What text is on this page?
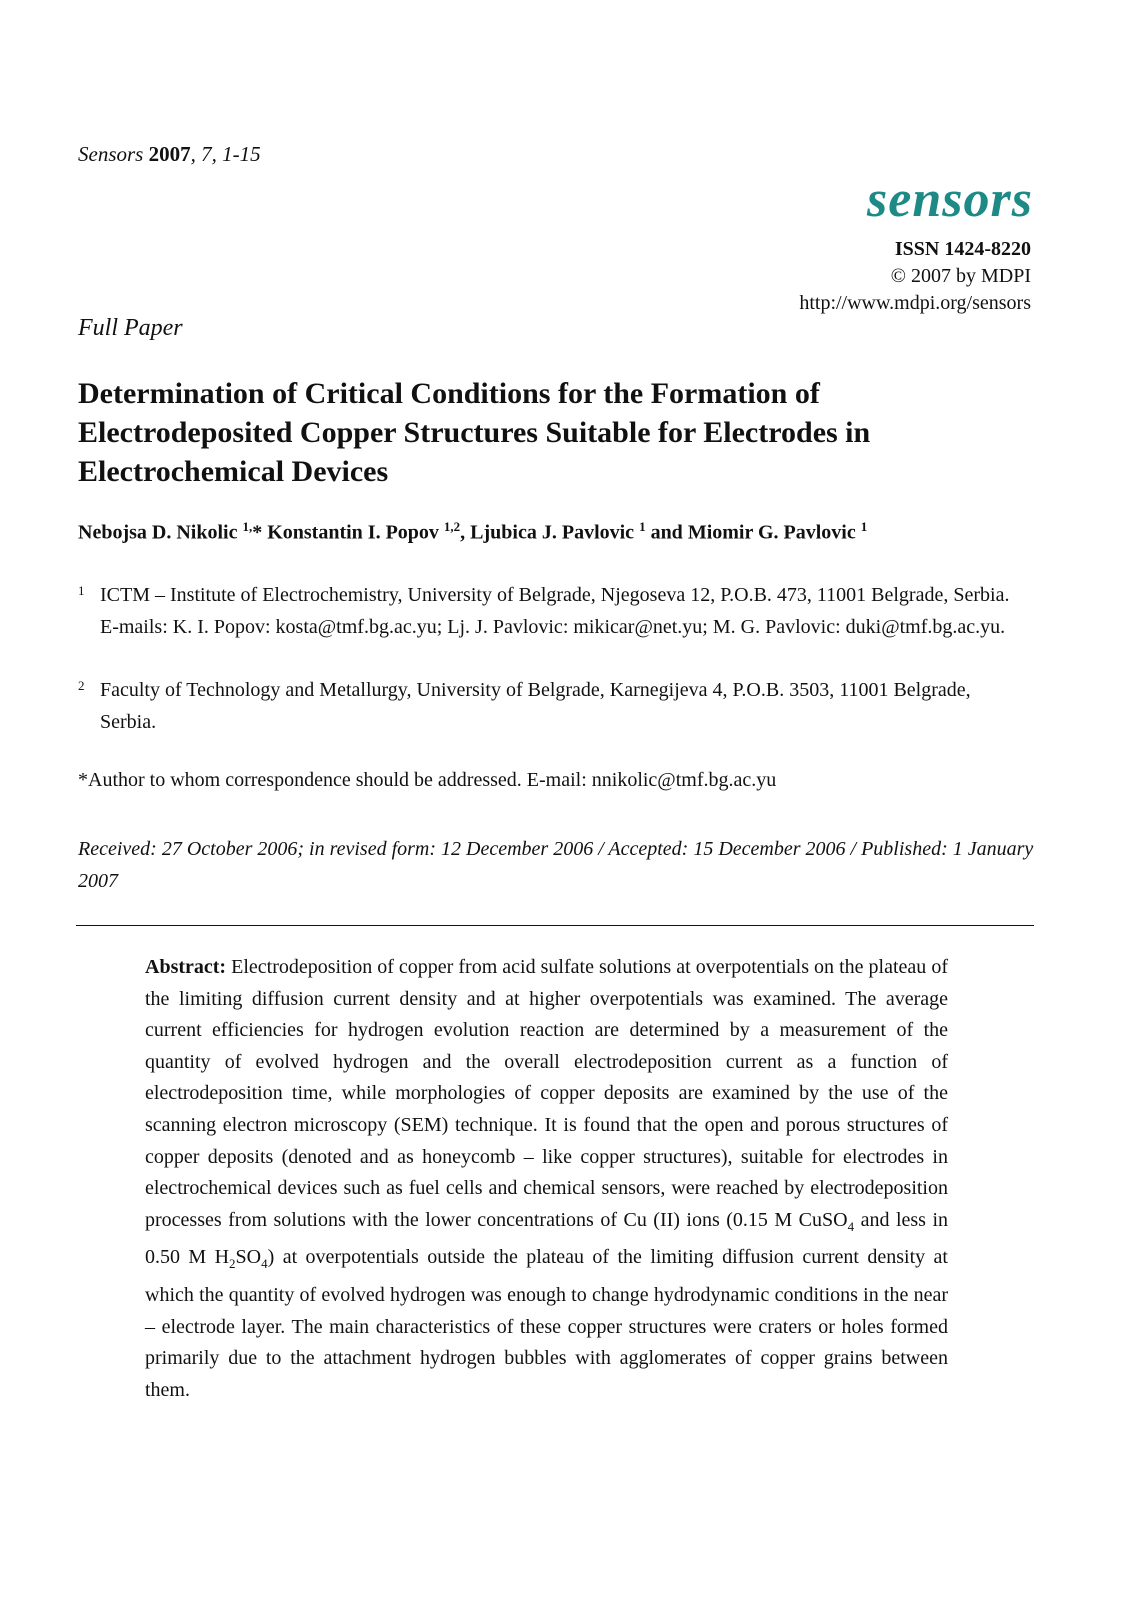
Sensors 2007, 7, 1-15
sensors
ISSN 1424-8220
© 2007 by MDPI
http://www.mdpi.org/sensors
Full Paper
Determination of Critical Conditions for the Formation of Electrodeposited Copper Structures Suitable for Electrodes in Electrochemical Devices
Nebojsa D. Nikolic $^{1,}$* Konstantin I. Popov $^{1,2}$, Ljubica J. Pavlovic $^1$ and Miomir G. Pavlovic $^1$
1 ICTM – Institute of Electrochemistry, University of Belgrade, Njegoseva 12, P.O.B. 473, 11001 Belgrade, Serbia. E-mails: K. I. Popov: kosta@tmf.bg.ac.yu; Lj. J. Pavlovic: mikicar@net.yu; M. G. Pavlovic: duki@tmf.bg.ac.yu.
2 Faculty of Technology and Metallurgy, University of Belgrade, Karnegijeva 4, P.O.B. 3503, 11001 Belgrade, Serbia.
*Author to whom correspondence should be addressed. E-mail: nnikolic@tmf.bg.ac.yu
Received: 27 October 2006; in revised form: 12 December 2006 / Accepted: 15 December 2006 / Published: 1 January 2007
Abstract: Electrodeposition of copper from acid sulfate solutions at overpotentials on the plateau of the limiting diffusion current density and at higher overpotentials was examined. The average current efficiencies for hydrogen evolution reaction are determined by a measurement of the quantity of evolved hydrogen and the overall electrodeposition current as a function of electrodeposition time, while morphologies of copper deposits are examined by the use of the scanning electron microscopy (SEM) technique. It is found that the open and porous structures of copper deposits (denoted and as honeycomb – like copper structures), suitable for electrodes in electrochemical devices such as fuel cells and chemical sensors, were reached by electrodeposition processes from solutions with the lower concentrations of Cu (II) ions (0.15 M CuSO$_4$ and less in 0.50 M $H_2SO_4$) at overpotentials outside the plateau of the limiting diffusion current density at which the quantity of evolved hydrogen was enough to change hydrodynamic conditions in the near – electrode layer. The main characteristics of these copper structures were craters or holes formed primarily due to the attachment hydrogen bubbles with agglomerates of copper grains between them.
